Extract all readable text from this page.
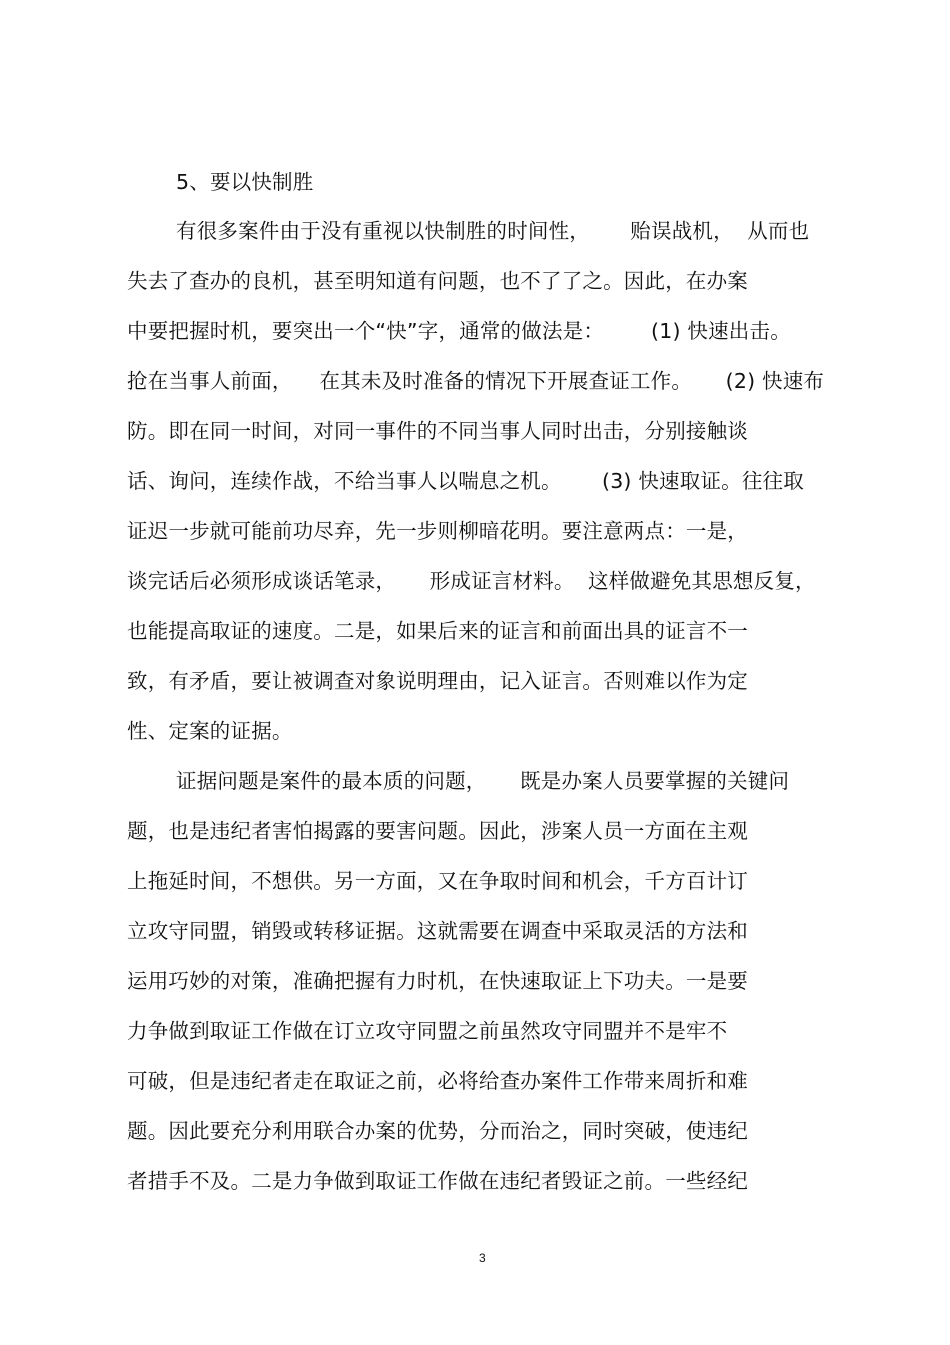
5、要以快制胜
有很多案件由于没有重视以快制胜的时间性，      贻误战机，  从而也
失去了查办的良机，甚至明知道有问题，也不了了之。因此，在办案
中要把握时机，要突出一个“快”字，通常的做法是：       (1) 快速出击。
抢在当事人前面，    在其未及时准备的情况下开展查证工作。     (2) 快速布
防。即在同一时间，对同一事件的不同当事人同时出击，分别接触谈
话、询问，连续作战，不给当事人以喘息之机。      (3) 快速取证。往往取
证迟一步就可能前功尽弃，先一步则柳暗花明。要注意两点：一是，
谈完话后必须形成谈话笔录，     形成证言材料。  这样做避免其思想反复，
也能提高取证的速度。二是，如果后来的证言和前面出具的证言不一
致，有矛盾，要让被调查对象说明理由，记入证言。否则难以作为定
性、定案的证据。
证据问题是案件的最本质的问题，     既是办案人员要掌握的关键问
题，也是违纪者害怕揭露的要害问题。因此，涉案人员一方面在主观
上拖延时间，不想供。另一方面，又在争取时间和机会，千方百计订
立攻守同盟，销毁或转移证据。这就需要在调查中采取灵活的方法和
运用巧妙的对策，准确把握有力时机，在快速取证上下功夫。一是要
力争做到取证工作做在订立攻守同盟之前虽然攻守同盟并不是牢不
可破，但是违纪者走在取证之前，必将给查办案件工作带来周折和难
题。因此要充分利用联合办案的优势，分而治之，同时突破，使违纪
者措手不及。二是力争做到取证工作做在违纪者毁证之前。一些经纪
3
